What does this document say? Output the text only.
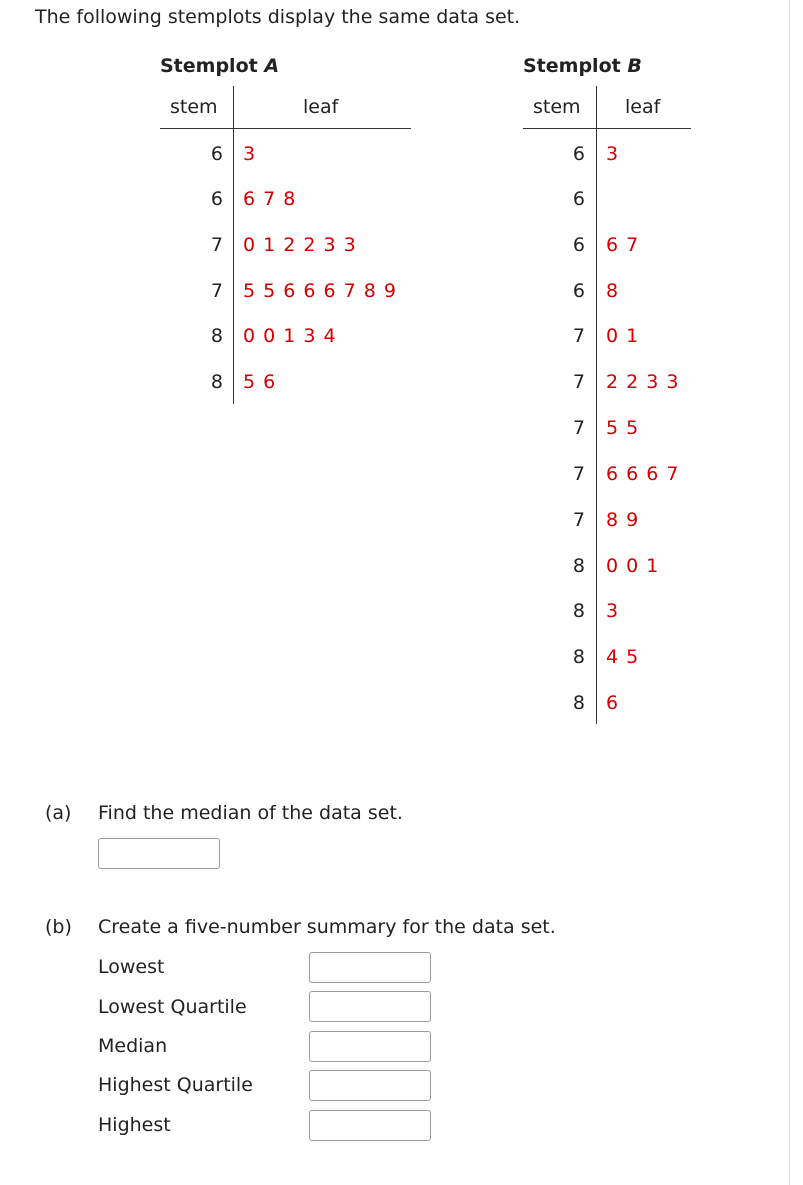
The following stemplots display the same data set.
Stemplot A
stem	leaf
6 3
6 6 7 8
7 0 1 2 2 3 3
7 5 5 6 6 6 7 8 9
8 0 0 1 3 4
8 5 6
Stemplot B
stem leaf
6 3
6
6 6 7
6 8
7 0 1
7 2 2 3 3
7 5 5
7 6 6 6 7
7 8 9
8 0 0 1
8 3
8 4 5
8 6
(a) Find the median of the data set.
(b) Create a five-number summary for the data set.
Lowest
Lowest Quartile
Median
Highest Quartile
Highest
